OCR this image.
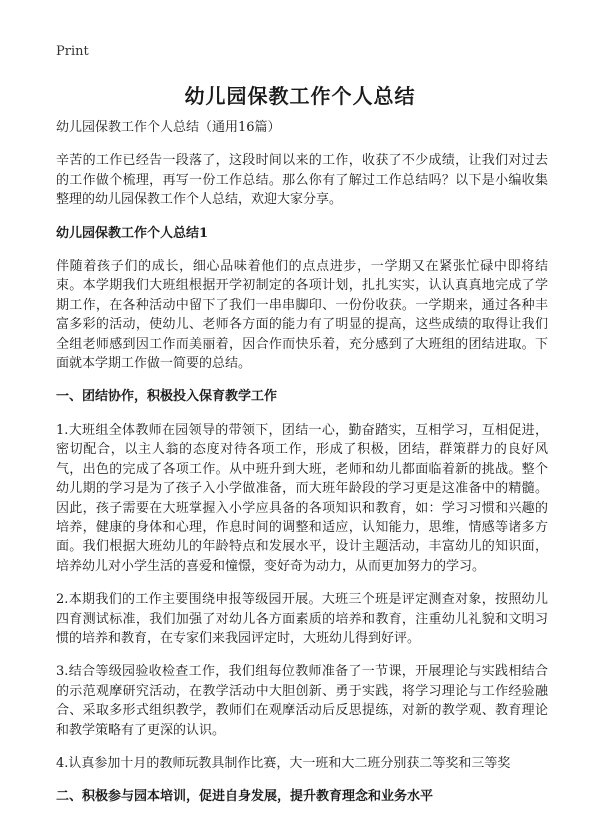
Print
幼儿园保教工作个人总结

幼儿园保教工作个人总结（通用16篇）

辛苦的工作已经告一段落了，这段时间以来的工作，收获了不少成绩，让我们对过去的工作做个梳理，再写一份工作总结。那么你有了解过工作总结吗？以下是小编收集整理的幼儿园保教工作个人总结，欢迎大家分享。

幼儿园保教工作个人总结1

伴随着孩子们的成长，细心品味着他们的点点进步，一学期又在紧张忙碌中即将结束。本学期我们大班组根据开学初制定的各项计划，扎扎实实，认认真真地完成了学期工作，在各种活动中留下了我们一串串脚印、一份份收获。一学期来，通过各种丰富多彩的活动，使幼儿、老师各方面的能力有了明显的提高，这些成绩的取得让我们全组老师感到因工作而美丽着，因合作而快乐着，充分感到了大班组的团结进取。下面就本学期工作做一简要的总结。

一、团结协作，积极投入保育教学工作

1.大班组全体教师在园领导的带领下，团结一心，勤奋踏实，互相学习，互相促进，密切配合，以主人翁的态度对待各项工作，形成了积极，团结，群策群力的良好风气，出色的完成了各项工作。从中班升到大班，老师和幼儿都面临着新的挑战。整个幼儿期的学习是为了孩子入小学做准备，而大班年龄段的学习更是这准备中的精髓。因此，孩子需要在大班掌握入小学应具备的各项知识和教育，如：学习习惯和兴趣的培养，健康的身体和心理，作息时间的调整和适应，认知能力，思维，情感等诸多方面。我们根据大班幼儿的年龄特点和发展水平，设计主题活动，丰富幼儿的知识面，培养幼儿对小学生活的喜爱和憧憬，变好奇为动力，从而更加努力的学习。

2.本期我们的工作主要围绕申报等级园开展。大班三个班是评定测查对象，按照幼儿四育测试标准，我们加强了对幼儿各方面素质的培养和教育，注重幼儿礼貌和文明习惯的培养和教育，在专家们来我园评定时，大班幼儿得到好评。

3.结合等级园验收检查工作，我们组每位教师准备了一节课，开展理论与实践相结合的示范观摩研究活动，在教学活动中大胆创新、勇于实践，将学习理论与工作经验融合、采取多形式组织教学，教师们在观摩活动后反思提练，对新的教学观、教育理论和教学策略有了更深的认识。

4.认真参加十月的教师玩教具制作比赛，大一班和大二班分别获二等奖和三等奖

二、积极参与园本培训，促进自身发展，提升教育理念和业务水平
